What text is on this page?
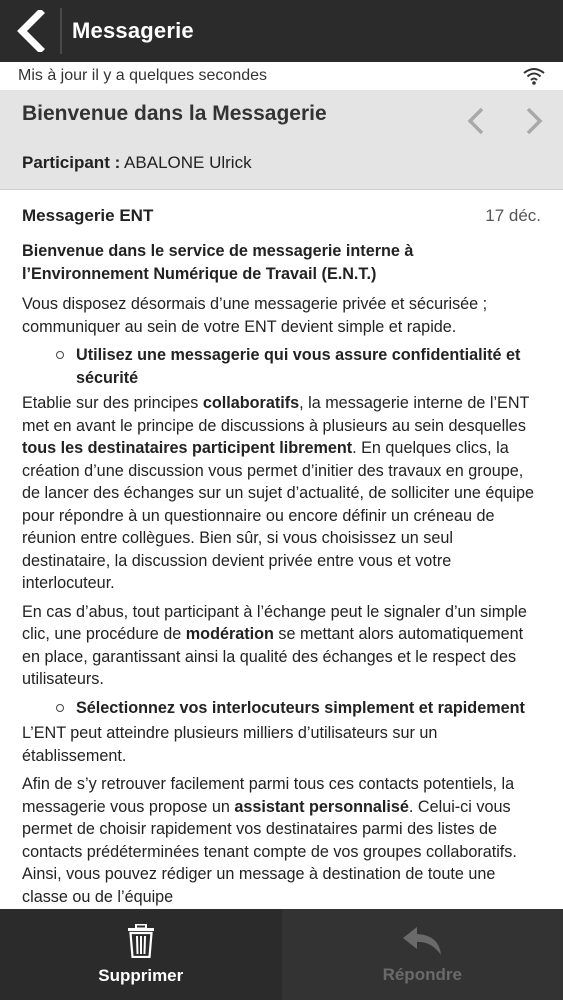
Messagerie
Mis à jour il y a quelques secondes
Bienvenue dans la Messagerie
Participant : ABALONE Ulrick
Messagerie ENT	17 déc.

Bienvenue dans le service de messagerie interne à l’Environnement Numérique de Travail (E.N.T.)

Vous disposez désormais d’une messagerie privée et sécurisée ; communiquer au sein de votre ENT devient simple et rapide.

Utilisez une messagerie qui vous assure confidentialité et sécurité

Etablie sur des principes collaboratifs, la messagerie interne de l’ENT met en avant le principe de discussions à plusieurs au sein desquelles tous les destinataires participent librement. En quelques clics, la création d’une discussion vous permet d’initier des travaux en groupe, de lancer des échanges sur un sujet d’actualité, de solliciter une équipe pour répondre à un questionnaire ou encore définir un créneau de réunion entre collègues. Bien sûr, si vous choisissez un seul destinataire, la discussion devient privée entre vous et votre interlocuteur.

En cas d’abus, tout participant à l’échange peut le signaler d’un simple clic, une procédure de modération se mettant alors automatiquement en place, garantissant ainsi la qualité des échanges et le respect des utilisateurs.

Sélectionnez vos interlocuteurs simplement et rapidement

L’ENT peut atteindre plusieurs milliers d’utilisateurs sur un établissement.

Afin de s’y retrouver facilement parmi tous ces contacts potentiels, la messagerie vous propose un assistant personnalisé. Celui-ci vous permet de choisir rapidement vos destinataires parmi des listes de contacts prédéterminées tenant compte de vos groupes collaboratifs. Ainsi, vous pouvez rédiger un message à destination de toute une classe ou de l’équipe

Supprimer	Répondre
